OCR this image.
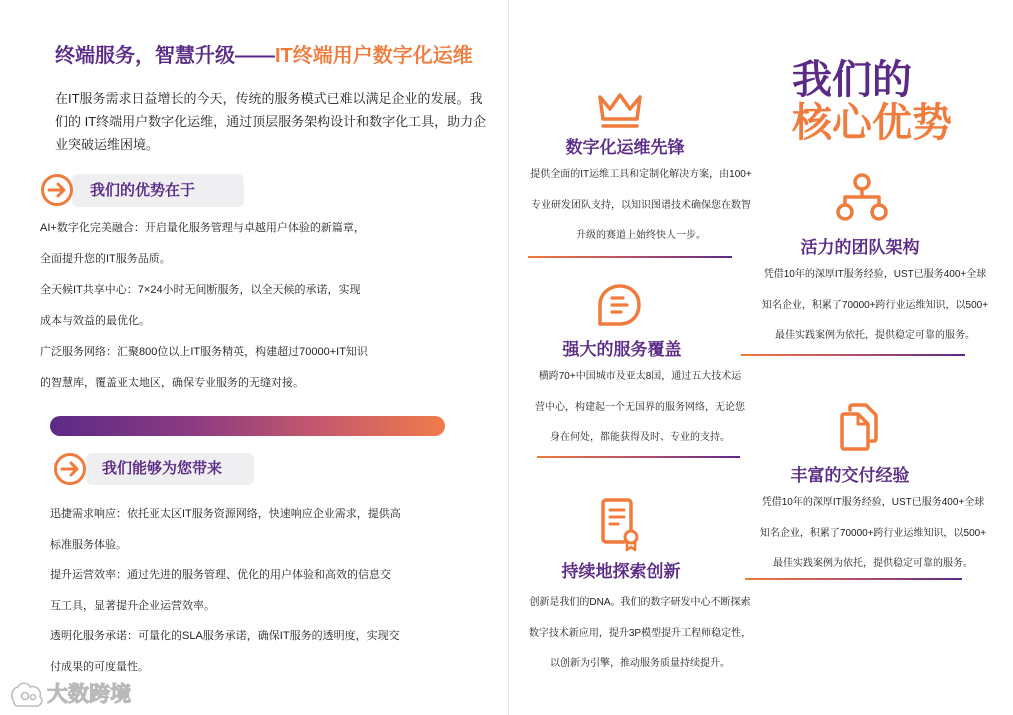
终端服务，智慧升级——IT终端用户数字化运维
在IT服务需求日益增长的今天，传统的服务模式已难以满足企业的发展。我
们的 IT终端用户数字化运维，通过顶层服务架构设计和数字化工具，助力企
业突破运维困境。
我们的优势在于
AI+数字化完美融合：开启量化服务管理与卓越用户体验的新篇章，
全面提升您的IT服务品质。
全天候IT共享中心：7×24小时无间断服务，以全天候的承诺，实现
成本与效益的最优化。
广泛服务网络：汇聚800位以上IT服务精英，构建超过70000+IT知识
的智慧库，覆盖亚太地区，确保专业服务的无缝对接。
我们能够为您带来
迅捷需求响应：依托亚太区IT服务资源网络，快速响应企业需求，提供高
标准服务体验。
提升运营效率：通过先进的服务管理、优化的用户体验和高效的信息交
互工具，显著提升企业运营效率。
透明化服务承诺：可量化的SLA服务承诺，确保IT服务的透明度，实现交
付成果的可度量性。
大数跨境
我们的
核心优势
数字化运维先锋
提供全面的IT运维工具和定制化解决方案，由100+
专业研发团队支持，以知识图谱技术确保您在数智
升级的赛道上始终快人一步。
强大的服务覆盖
横跨70+中国城市及亚太8国，通过五大技术运
营中心，构建起一个无国界的服务网络，无论您
身在何处，都能获得及时、专业的支持。
持续地探索创新
创新是我们的DNA。我们的数字研发中心不断探索
数字技术新应用，提升3P模型提升工程师稳定性，
以创新为引擎，推动服务质量持续提升。
活力的团队架构
凭借10年的深厚IT服务经验，UST已服务400+全球
知名企业，积累了70000+跨行业运维知识，以500+
最佳实践案例为依托，提供稳定可靠的服务。
丰富的交付经验
凭借10年的深厚IT服务经验，UST已服务400+全球
知名企业，积累了70000+跨行业运维知识，以500+
最佳实践案例为依托，提供稳定可靠的服务。
